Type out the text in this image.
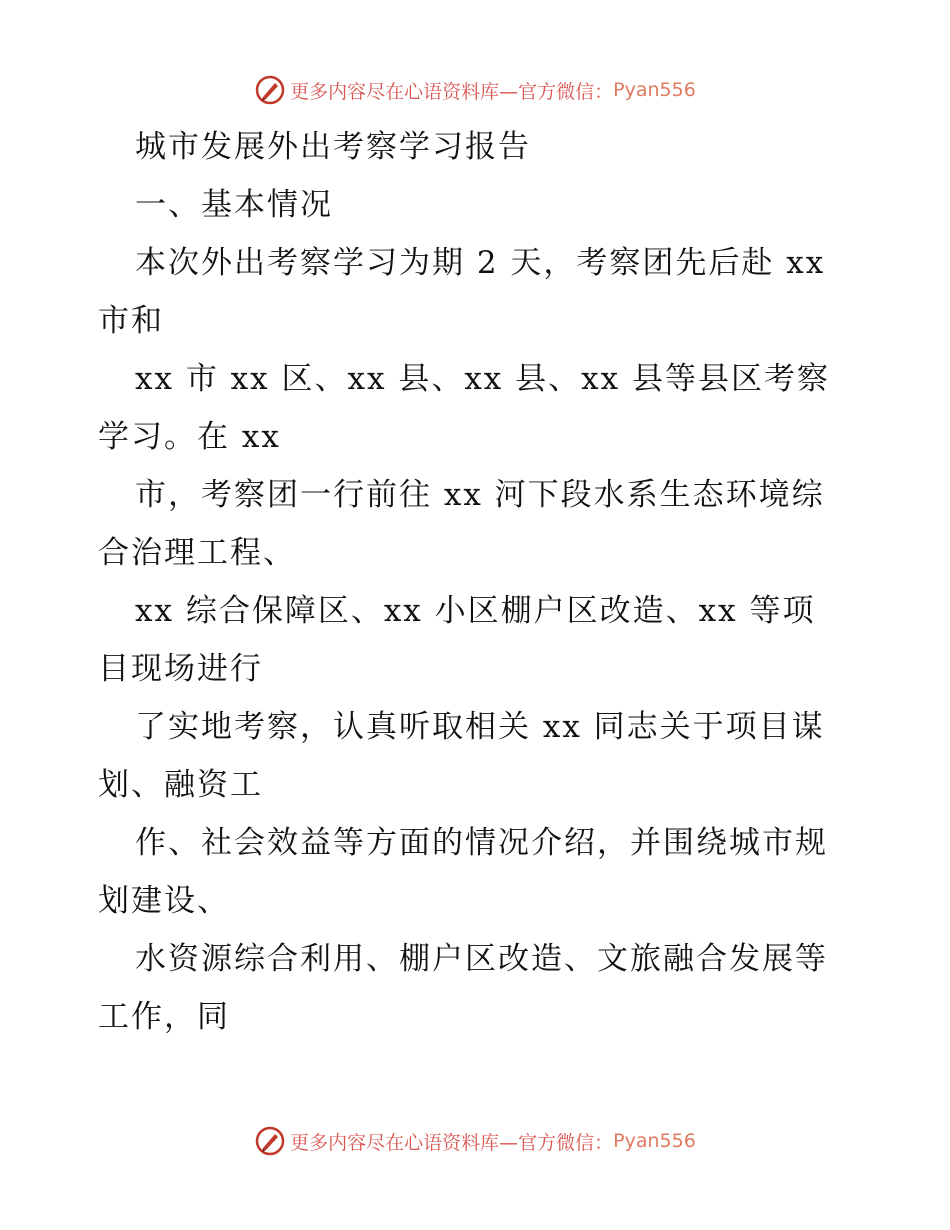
更多内容尽在心语资料库—官方微信： Pyan556
城市发展外出考察学习报告
一、基本情况
本次外出考察学习为期 2 天，考察团先后赴 xx
市和
xx 市 xx 区、xx 县、xx 县、xx 县等县区考察
学习。在 xx
市，考察团一行前往 xx 河下段水系生态环境综
合治理工程、
xx 综合保障区、xx 小区棚户区改造、xx 等项
目现场进行
了实地考察，认真听取相关 xx 同志关于项目谋
划、融资工
作、社会效益等方面的情况介绍，并围绕城市规
划建设、
水资源综合利用、棚户区改造、文旅融合发展等
工作，同
更多内容尽在心语资料库—官方微信： Pyan556
